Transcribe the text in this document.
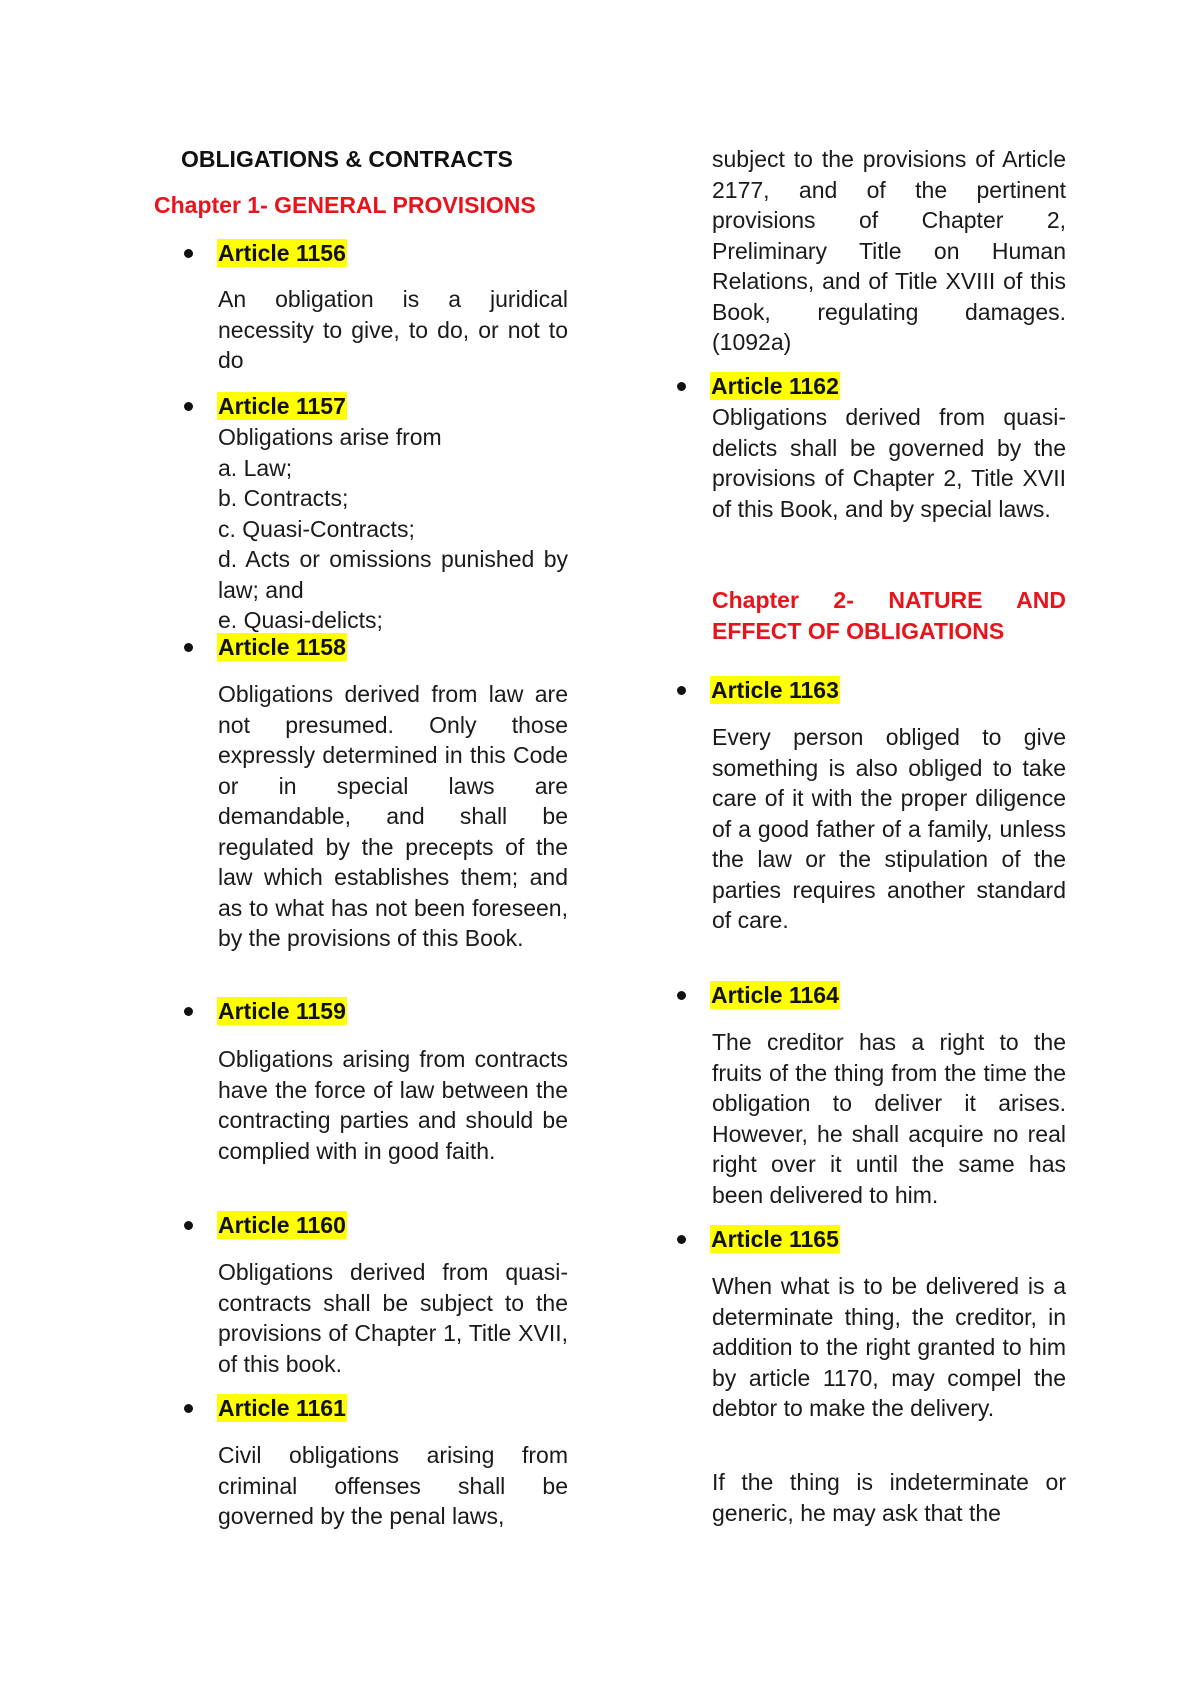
OBLIGATIONS & CONTRACTS
Chapter 1- GENERAL PROVISIONS
Article 1156
An obligation is a juridical necessity to give, to do, or not to do
Article 1157
Obligations arise from
a. Law;
b. Contracts;
c. Quasi-Contracts;
d. Acts or omissions punished by law; and
e. Quasi-delicts;
Article 1158
Obligations derived from law are not presumed. Only those expressly determined in this Code or in special laws are demandable, and shall be regulated by the precepts of the law which establishes them; and as to what has not been foreseen, by the provisions of this Book.
Article 1159
Obligations arising from contracts have the force of law between the contracting parties and should be complied with in good faith.
Article 1160
Obligations derived from quasi-contracts shall be subject to the provisions of Chapter 1, Title XVII, of this book.
Article 1161
Civil obligations arising from criminal offenses shall be governed by the penal laws,
subject to the provisions of Article 2177, and of the pertinent provisions of Chapter 2, Preliminary Title on Human Relations, and of Title XVIII of this Book, regulating damages. (1092a)
Article 1162
Obligations derived from quasi-delicts shall be governed by the provisions of Chapter 2, Title XVII of this Book, and by special laws.
Chapter 2- NATURE AND
EFFECT OF OBLIGATIONS
Article 1163
Every person obliged to give something is also obliged to take care of it with the proper diligence of a good father of a family, unless the law or the stipulation of the parties requires another standard of care.
Article 1164
The creditor has a right to the fruits of the thing from the time the obligation to deliver it arises. However, he shall acquire no real right over it until the same has been delivered to him.
Article 1165
When what is to be delivered is a determinate thing, the creditor, in addition to the right granted to him by article 1170, may compel the debtor to make the delivery.
If the thing is indeterminate or generic, he may ask that the
